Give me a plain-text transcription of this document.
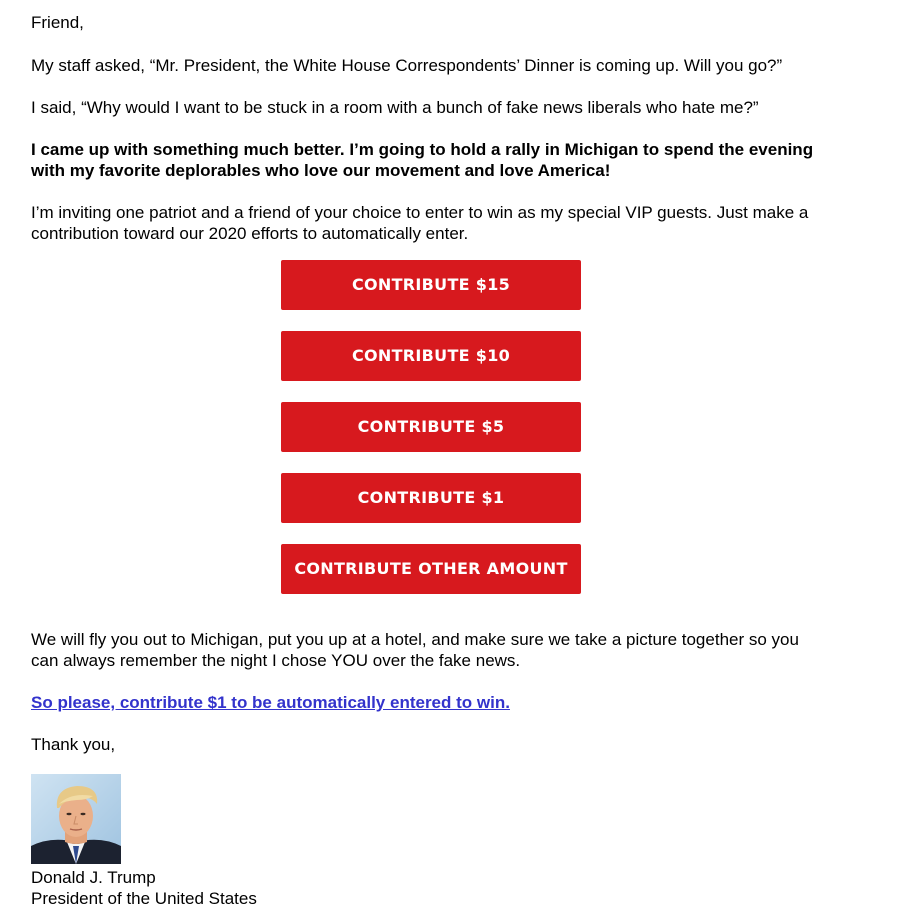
Friend,

My staff asked, “Mr. President, the White House Correspondents’ Dinner is coming up. Will you go?”

I said, “Why would I want to be stuck in a room with a bunch of fake news liberals who hate me?”

I came up with something much better. I’m going to hold a rally in Michigan to spend the evening with my favorite deplorables who love our movement and love America!

I’m inviting one patriot and a friend of your choice to enter to win as my special VIP guests. Just make a contribution toward our 2020 efforts to automatically enter.

CONTRIBUTE $15
CONTRIBUTE $10
CONTRIBUTE $5
CONTRIBUTE $1
CONTRIBUTE OTHER AMOUNT

We will fly you out to Michigan, put you up at a hotel, and make sure we take a picture together so you can always remember the night I chose YOU over the fake news.

So please, contribute $1 to be automatically entered to win.

Thank you,

Donald J. Trump
President of the United States
